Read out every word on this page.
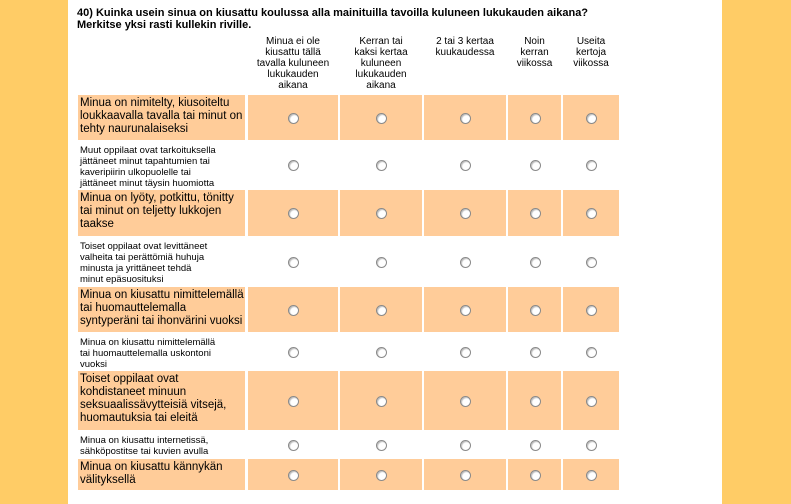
40) Kuinka usein sinua on kiusattu koulussa alla mainituilla tavoilla kuluneen lukukauden aikana?
Merkitse yksi rasti kullekin riville.
Minua ei ole
kiusattu tällä
tavalla kuluneen
lukukauden
aikana
Kerran tai
kaksi kertaa
kuluneen
lukukauden
aikana
2 tai 3 kertaa
kuukaudessa
Noin
kerran
viikossa
Useita
kertoja
viikossa
Minua on nimitelty, kiusoiteltu
loukkaavalla tavalla tai minut on
tehty naurunalaiseksi
Muut oppilaat ovat tarkoituksella
jättäneet minut tapahtumien tai
kaveripiirin ulkopuolelle tai
jättäneet minut täysin huomiotta
Minua on lyöty, potkittu, tönitty
tai minut on teljetty lukkojen
taakse
Toiset oppilaat ovat levittäneet
valheita tai perättömiä huhuja
minusta ja yrittäneet tehdä
minut epäsuosituksi
Minua on kiusattu nimittelemällä
tai huomauttelemalla
syntyperäni tai ihonvärini vuoksi
Minua on kiusattu nimittelemällä
tai huomauttelemalla uskontoni
vuoksi
Toiset oppilaat ovat
kohdistaneet minuun
seksuaalissävytteisiä vitsejä,
huomautuksia tai eleitä
Minua on kiusattu internetissä,
sähköpostitse tai kuvien avulla
Minua on kiusattu kännykän
välityksellä
